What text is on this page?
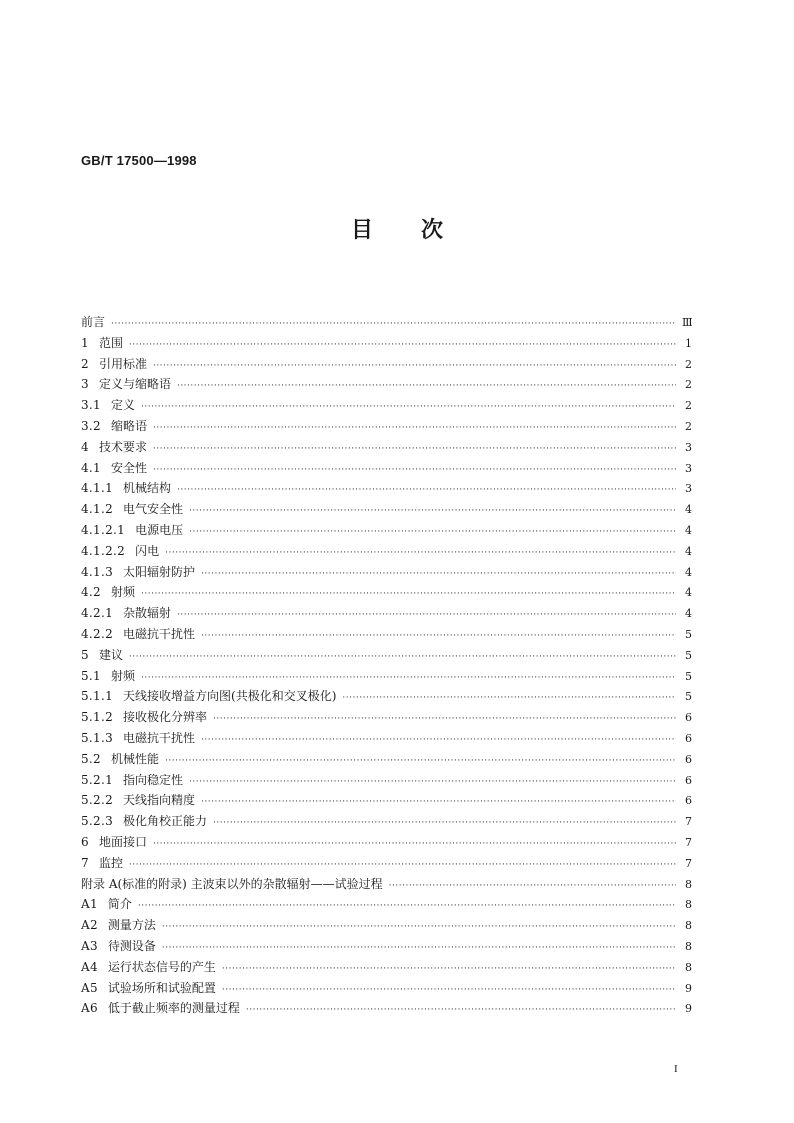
GB/T 17500—1998
目 次
前言 ·····	Ⅲ
1 范围 ·····	1
2 引用标准 ·····	2
3 定义与缩略语 ·····	2
3.1 定义 ·····	2
3.2 缩略语 ·····	2
4 技术要求 ·····	3
4.1 安全性 ·····	3
4.1.1 机械结构 ·····	3
4.1.2 电气安全性 ·····	4
4.1.2.1 电源电压 ·····	4
4.1.2.2 闪电 ·····	4
4.1.3 太阳辐射防护 ·····	4
4.2 射频 ·····	4
4.2.1 杂散辐射 ·····	4
4.2.2 电磁抗干扰性 ·····	5
5 建议 ·····	5
5.1 射频 ·····	5
5.1.1 天线接收增益方向图(共极化和交叉极化) ·····	5
5.1.2 接收极化分辨率 ·····	6
5.1.3 电磁抗干扰性 ·····	6
5.2 机械性能 ·····	6
5.2.1 指向稳定性 ·····	6
5.2.2 天线指向精度 ·····	6
5.2.3 极化角校正能力 ·····	7
6 地面接口 ·····	7
7 监控 ·····	7
附录 A(标准的附录) 主波束以外的杂散辐射——试验过程 ·····	8
A1 简介 ·····	8
A2 测量方法 ·····	8
A3 待测设备 ·····	8
A4 运行状态信号的产生 ·····	8
A5 试验场所和试验配置 ·····	9
A6 低于截止频率的测量过程 ·····	9
I
